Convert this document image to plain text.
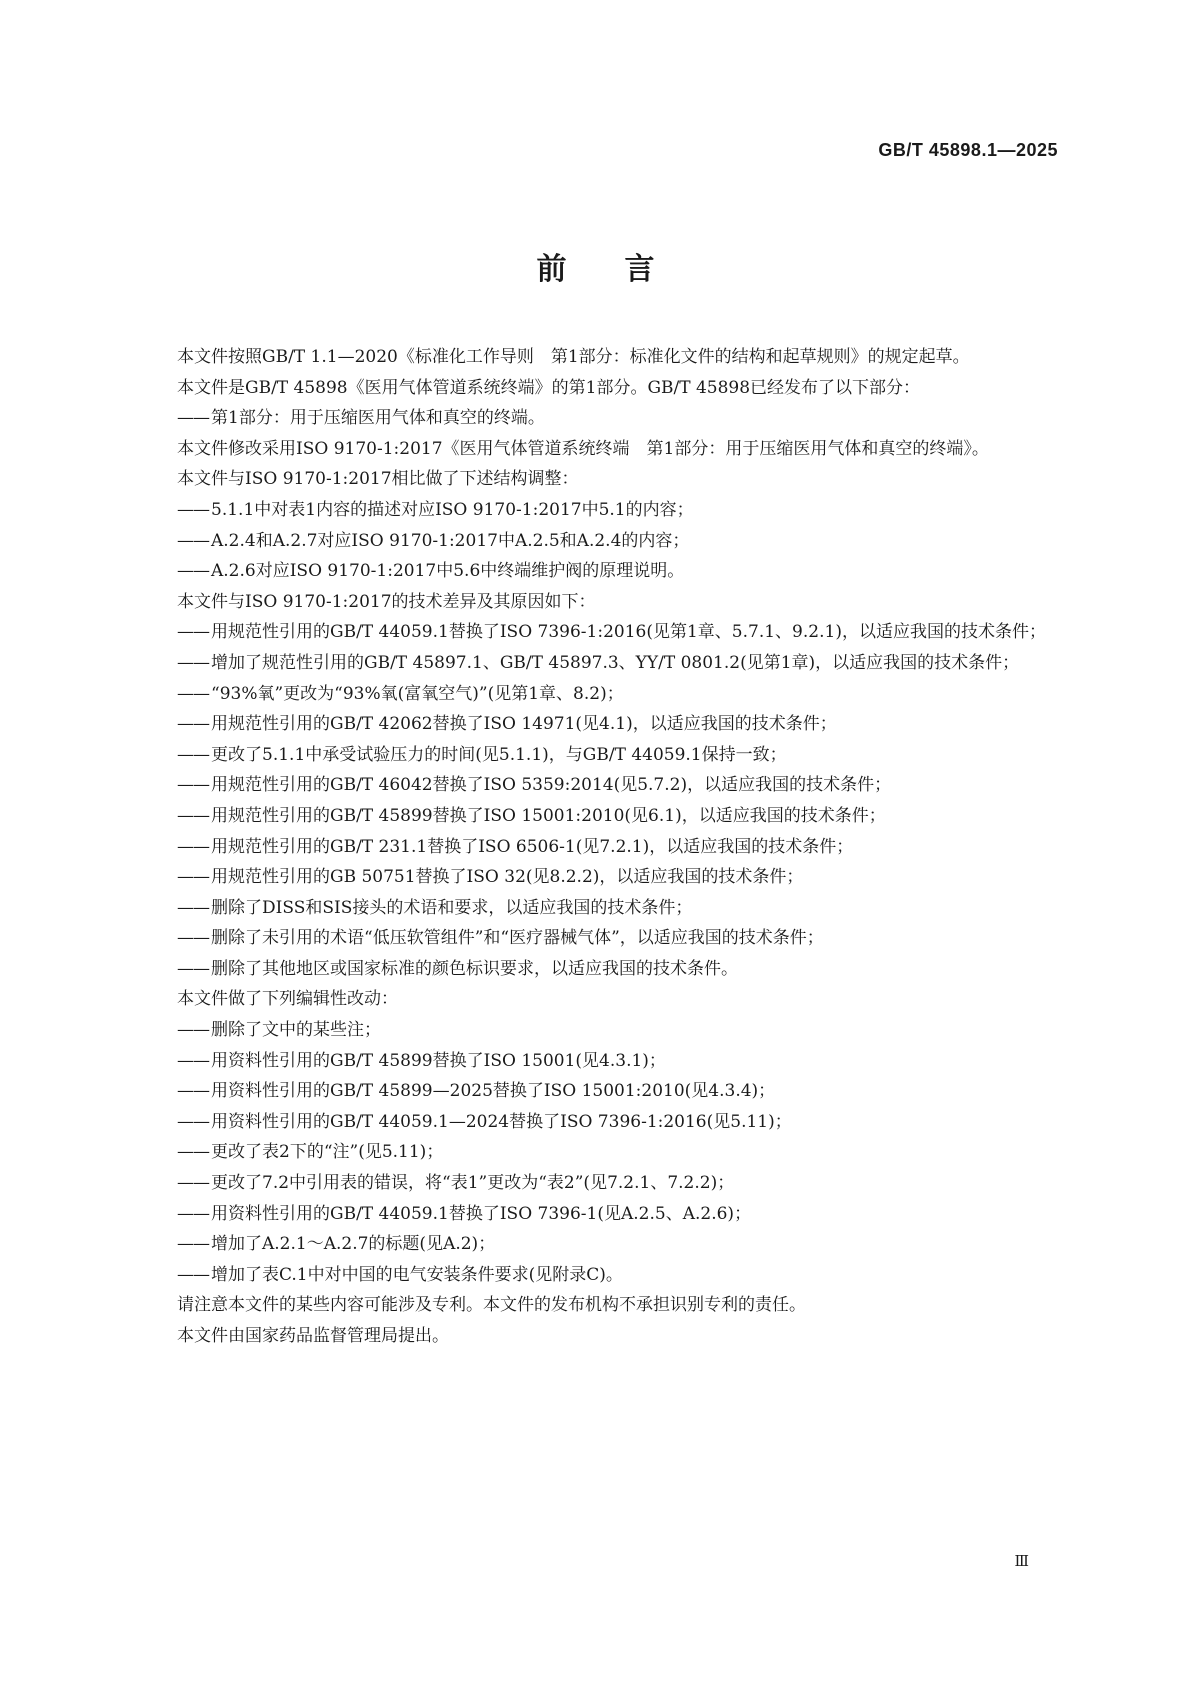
GB/T 45898.1—2025
前言

本文件按照GB/T 1.1—2020《标准化工作导则　第1部分：标准化文件的结构和起草规则》的规定起草。

本文件是GB/T 45898《医用气体管道系统终端》的第1部分。GB/T 45898已经发布了以下部分：

—— 第1部分：用于压缩医用气体和真空的终端。

本文件修改采用ISO 9170-1:2017《医用气体管道系统终端　第1部分：用于压缩医用气体和真空的终端》。

本文件与ISO 9170-1:2017相比做了下述结构调整：

—— 5.1.1中对表1内容的描述对应ISO 9170-1:2017中5.1的内容；

—— A.2.4和A.2.7对应ISO 9170-1:2017中A.2.5和A.2.4的内容；

—— A.2.6对应ISO 9170-1:2017中5.6中终端维护阀的原理说明。

本文件与ISO 9170-1:2017的技术差异及其原因如下：

—— 用规范性引用的GB/T 44059.1替换了ISO 7396-1:2016(见第1章、5.7.1、9.2.1)，以适应我国的技术条件；

—— 增加了规范性引用的GB/T 45897.1、GB/T 45897.3、YY/T 0801.2(见第1章)，以适应我国的技术条件；

—— “93%氧”更改为“93%氧(富氧空气)”(见第1章、8.2)；

—— 用规范性引用的GB/T 42062替换了ISO 14971(见4.1)，以适应我国的技术条件；

—— 更改了5.1.1中承受试验压力的时间(见5.1.1)，与GB/T 44059.1保持一致；

—— 用规范性引用的GB/T 46042替换了ISO 5359:2014(见5.7.2)，以适应我国的技术条件；

—— 用规范性引用的GB/T 45899替换了ISO 15001:2010(见6.1)，以适应我国的技术条件；

—— 用规范性引用的GB/T 231.1替换了ISO 6506-1(见7.2.1)，以适应我国的技术条件；

—— 用规范性引用的GB 50751替换了ISO 32(见8.2.2)，以适应我国的技术条件；

—— 删除了DISS和SIS接头的术语和要求，以适应我国的技术条件；

—— 删除了未引用的术语“低压软管组件”和“医疗器械气体”，以适应我国的技术条件；

—— 删除了其他地区或国家标准的颜色标识要求，以适应我国的技术条件。

本文件做了下列编辑性改动：

—— 删除了文中的某些注；

—— 用资料性引用的GB/T 45899替换了ISO 15001(见4.3.1)；

—— 用资料性引用的GB/T 45899—2025替换了ISO 15001:2010(见4.3.4)；

—— 用资料性引用的GB/T 44059.1—2024替换了ISO 7396-1:2016(见5.11)；

—— 更改了表2下的“注”(见5.11)；

—— 更改了7.2中引用表的错误，将“表1”更改为“表2”(见7.2.1、7.2.2)；

—— 用资料性引用的GB/T 44059.1替换了ISO 7396-1(见A.2.5、A.2.6)；

—— 增加了A.2.1～A.2.7的标题(见A.2)；

—— 增加了表C.1中对中国的电气安装条件要求(见附录C)。

请注意本文件的某些内容可能涉及专利。本文件的发布机构不承担识别专利的责任。

本文件由国家药品监督管理局提出。

Ⅲ
